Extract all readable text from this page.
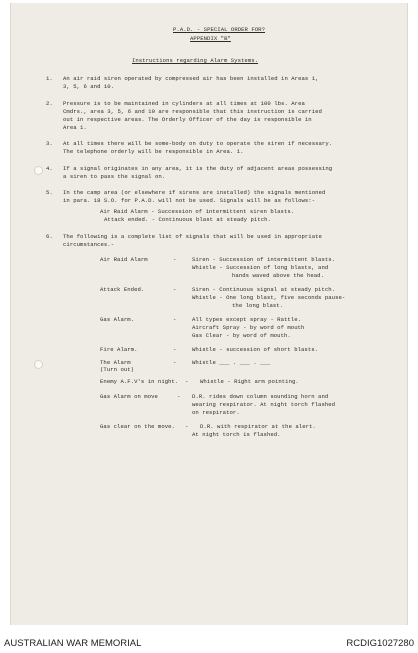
P.A.D. - SPECIAL ORDER FOR?
APPENDIX "B"
Instructions regarding Alarm Systems.
1. An air raid siren operated by compressed air has been installed in Areas 1,
3, 5, 6 and 10.
2. Pressure is to be maintained in cylinders at all times at 100 lbs. Area
Cmdrs., area 3, 5, 6 and 10 are responsible that this instruction is carried
out in respective areas. The Orderly Officer of the day is responsible in
Area 1.
3. At all times there will be some-body on duty to operate the siren if necessary.
The telephone orderly will be responsible in Area. 1.
4. If a signal originates in any area, it is the duty of adjacent areas possessing
a siren to pass the signal on.
5. In the camp area (or elsewhere if sirens are installed) the signals mentioned
in para. 18 S.O. for P.A.D. will not be used. Signals will be as follows:-
Air Raid Alarm - Succession of intermittent siren blasts.
Attack ended. - Continuous blast at steady pitch.
6. The following is a complete list of signals that will be used in appropriate
circumstances.-
Air Raid Alarm	-	Siren - Succession of intermittent blasts.
Whistle - Succession of long blasts, and
hands waved above the head.
Attack Ended.	-	Siren - Continuous signal at steady pitch.
Whistle - One long blast, five seconds pause-
the long blast.
Gas Alarm.	-	All types except spray - Rattle.
Aircraft Spray - by word of mouth
Gas Clear - by word of mouth.
Fire Alarm.	-	Whistle - succession of short blasts.
The Alarm
(Turn out)
-	Whistle ___ . ___ . ___
Enemy A.F.V's in night. - Whistle - Right arm pointing.
Gas Alarm on move	- D.R. rides down column sounding horn and
wearing respirator. At night torch flashed
on respirator.
Gas clear on the move. - D.R. with respirator at the alert.
At night torch is flashed.
AUSTRALIAN WAR MEMORIAL	RCDIG1027280
